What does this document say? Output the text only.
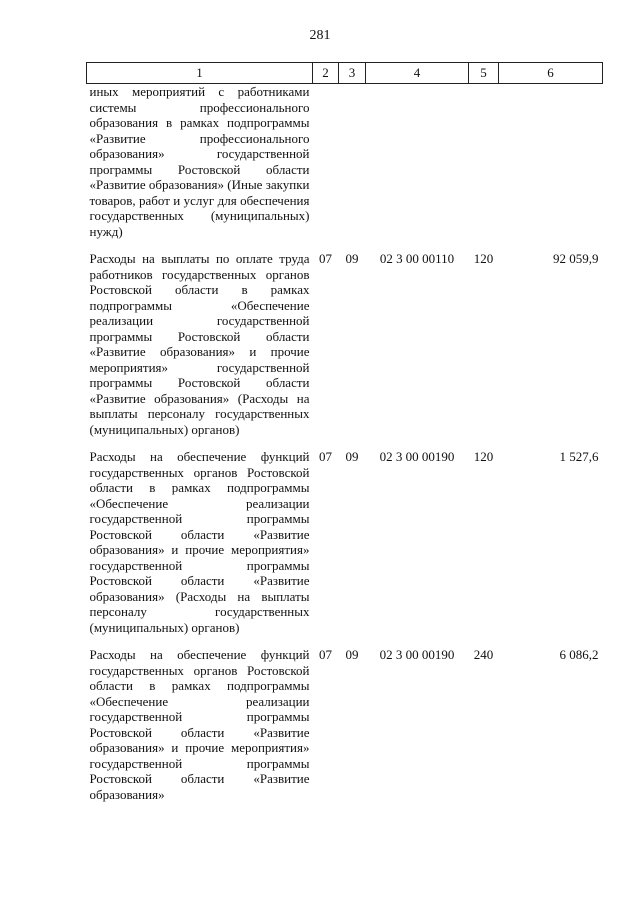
281
1	2	3	4	5	6
иных мероприятий с работниками системы профессионального образования в рамках подпрограммы «Развитие профессионального образования» государственной программы Ростовской области «Развитие образования» (Иные закупки товаров, работ и услуг для обеспечения государственных (муниципальных) нужд)					
Расходы на выплаты по оплате труда работников государственных органов Ростовской области в рамках подпрограммы «Обеспечение реализации государственной программы Ростовской области «Развитие образования» и прочие мероприятия» государственной программы Ростовской области «Развитие образования» (Расходы на выплаты персоналу государственных (муниципальных) органов)	07	09	02 3 00 00110	120	92 059,9
Расходы на обеспечение функций государственных органов Ростовской области в рамках подпрограммы «Обеспечение реализации государственной программы Ростовской области «Развитие образования» и прочие мероприятия» государственной программы Ростовской области «Развитие образования» (Расходы на выплаты персоналу государственных (муниципальных) органов)	07	09	02 3 00 00190	120	1 527,6
Расходы на обеспечение функций государственных органов Ростовской области в рамках подпрограммы «Обеспечение реализации государственной программы Ростовской области «Развитие образования» и прочие мероприятия» государственной программы Ростовской области «Развитие образования»	07	09	02 3 00 00190	240	6 086,2
